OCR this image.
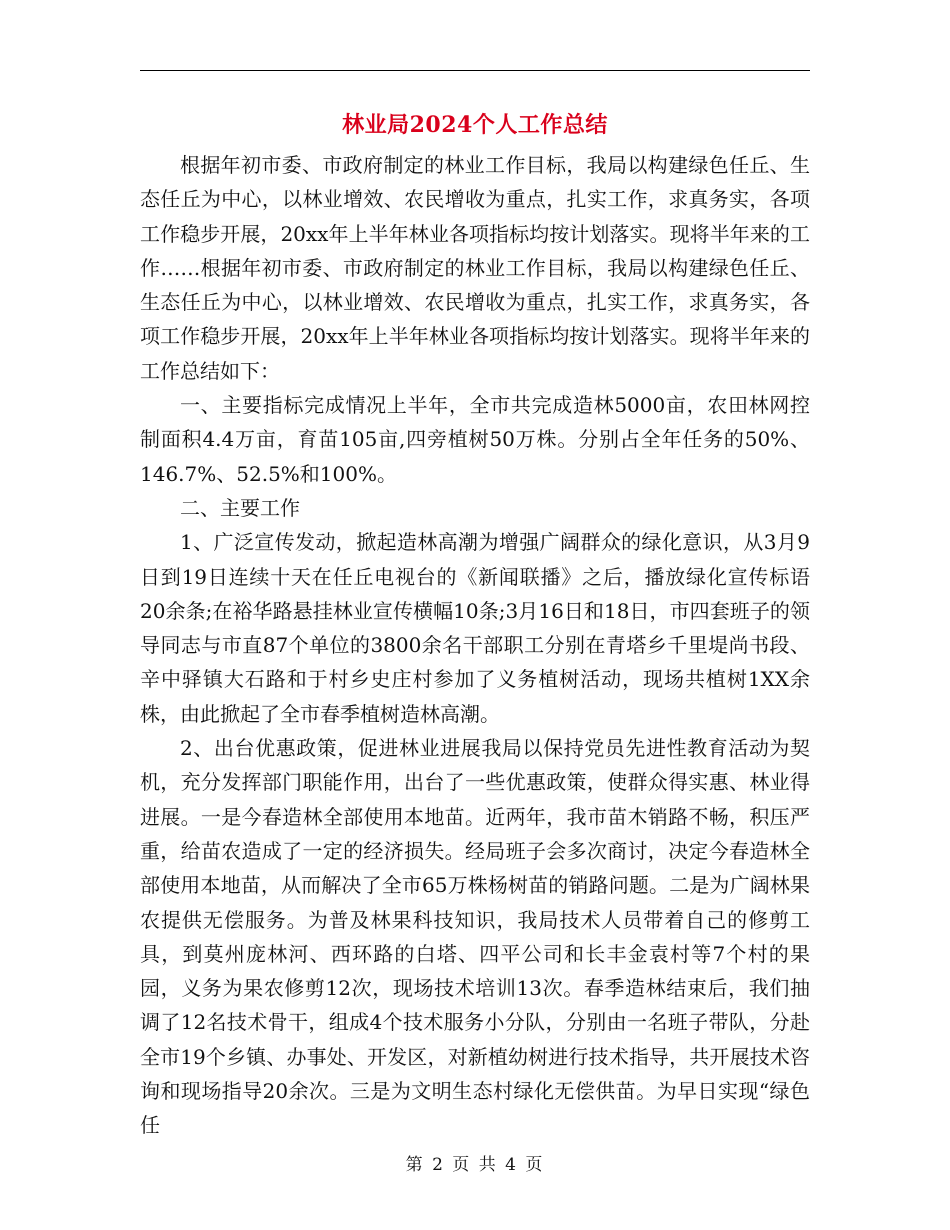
林业局2024个人工作总结

根据年初市委、市政府制定的林业工作目标，我局以构建绿色任丘、生态任丘为中心，以林业增效、农民增收为重点，扎实工作，求真务实，各项工作稳步开展，20xx年上半年林业各项指标均按计划落实。现将半年来的工作……根据年初市委、市政府制定的林业工作目标，我局以构建绿色任丘、生态任丘为中心，以林业增效、农民增收为重点，扎实工作，求真务实，各项工作稳步开展，20xx年上半年林业各项指标均按计划落实。现将半年来的工作总结如下：

一、主要指标完成情况上半年，全市共完成造林5000亩，农田林网控制面积4.4万亩，育苗105亩,四旁植树50万株。分别占全年任务的50%、146.7%、52.5%和100%。

二、主要工作

1、广泛宣传发动，掀起造林高潮为增强广阔群众的绿化意识，从3月9日到19日连续十天在任丘电视台的《新闻联播》之后，播放绿化宣传标语20余条;在裕华路悬挂林业宣传横幅10条;3月16日和18日，市四套班子的领导同志与市直87个单位的3800余名干部职工分别在青塔乡千里堤尚书段、辛中驿镇大石路和于村乡史庄村参加了义务植树活动，现场共植树1XX余株，由此掀起了全市春季植树造林高潮。

2、出台优惠政策，促进林业进展我局以保持党员先进性教育活动为契机，充分发挥部门职能作用，出台了一些优惠政策，使群众得实惠、林业得进展。一是今春造林全部使用本地苗。近两年，我市苗木销路不畅，积压严重，给苗农造成了一定的经济损失。经局班子会多次商讨，决定今春造林全部使用本地苗，从而解决了全市65万株杨树苗的销路问题。二是为广阔林果农提供无偿服务。为普及林果科技知识，我局技术人员带着自己的修剪工具，到莫州庞林河、西环路的白塔、四平公司和长丰金袁村等7个村的果园，义务为果农修剪12次，现场技术培训13次。春季造林结束后，我们抽调了12名技术骨干，组成4个技术服务小分队，分别由一名班子带队，分赴全市19个乡镇、办事处、开发区，对新植幼树进行技术指导，共开展技术咨询和现场指导20余次。三是为文明生态村绿化无偿供苗。为早日实现“绿色任

第 2 页 共 4 页
